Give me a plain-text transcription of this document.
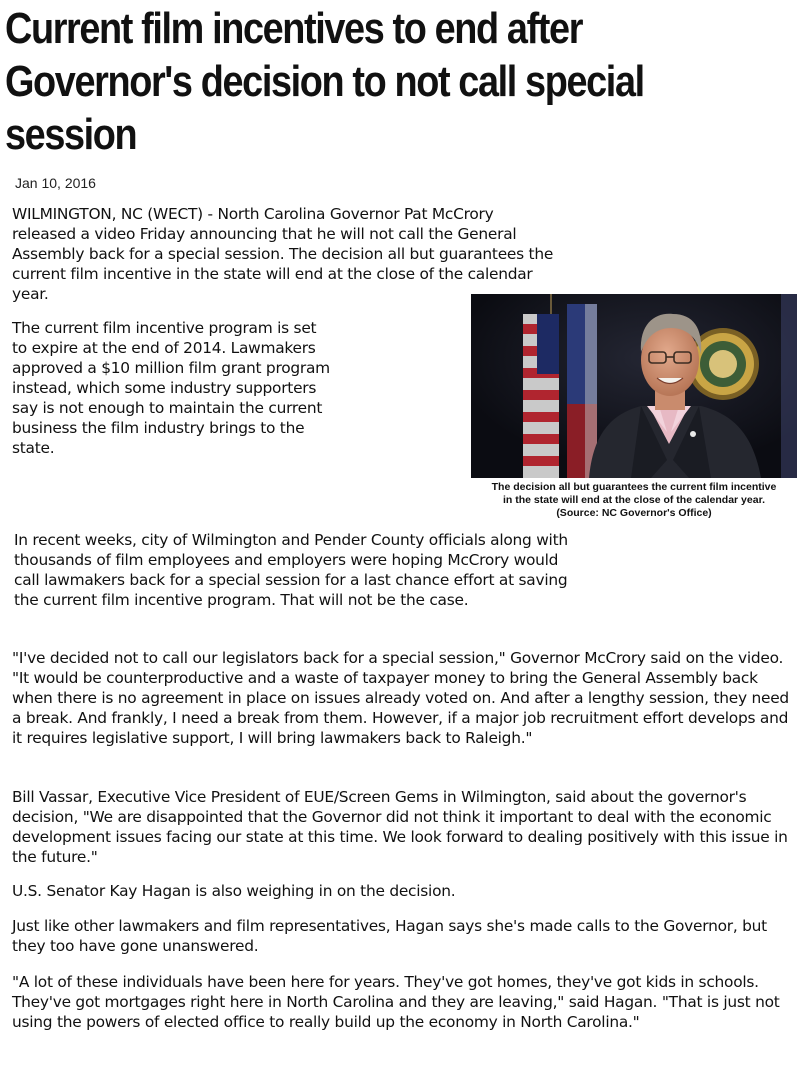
Current film incentives to end after Governor's decision to not call special session
Jan 10, 2016

WILMINGTON, NC (WECT) - North Carolina Governor Pat McCrory released a video Friday announcing that he will not call the General Assembly back for a special session. The decision all but guarantees the current film incentive in the state will end at the close of the calendar year.

The current film incentive program is set to expire at the end of 2014. Lawmakers approved a $10 million film grant program instead, which some industry supporters say is not enough to maintain the current business the film industry brings to the state.

The decision all but guarantees the current film incentive
in the state will end at the close of the calendar year.
(Source: NC Governor's Office)

In recent weeks, city of Wilmington and Pender County officials along with thousands of film employees and employers were hoping McCrory would call lawmakers back for a special session for a last chance effort at saving the current film incentive program. That will not be the case.

"I've decided not to call our legislators back for a special session," Governor McCrory said on the video. "It would be counterproductive and a waste of taxpayer money to bring the General Assembly back when there is no agreement in place on issues already voted on. And after a lengthy session, they need a break. And frankly, I need a break from them. However, if a major job recruitment effort develops and it requires legislative support, I will bring lawmakers back to Raleigh."

Bill Vassar, Executive Vice President of EUE/Screen Gems in Wilmington, said about the governor's decision, "We are disappointed that the Governor did not think it important to deal with the economic development issues facing our state at this time. We look forward to dealing positively with this issue in the future."

U.S. Senator Kay Hagan is also weighing in on the decision.

Just like other lawmakers and film representatives, Hagan says she's made calls to the Governor, but they too have gone unanswered.

"A lot of these individuals have been here for years. They've got homes, they've got kids in schools. They've got mortgages right here in North Carolina and they are leaving," said Hagan. "That is just not using the powers of elected office to really build up the economy in North Carolina."
